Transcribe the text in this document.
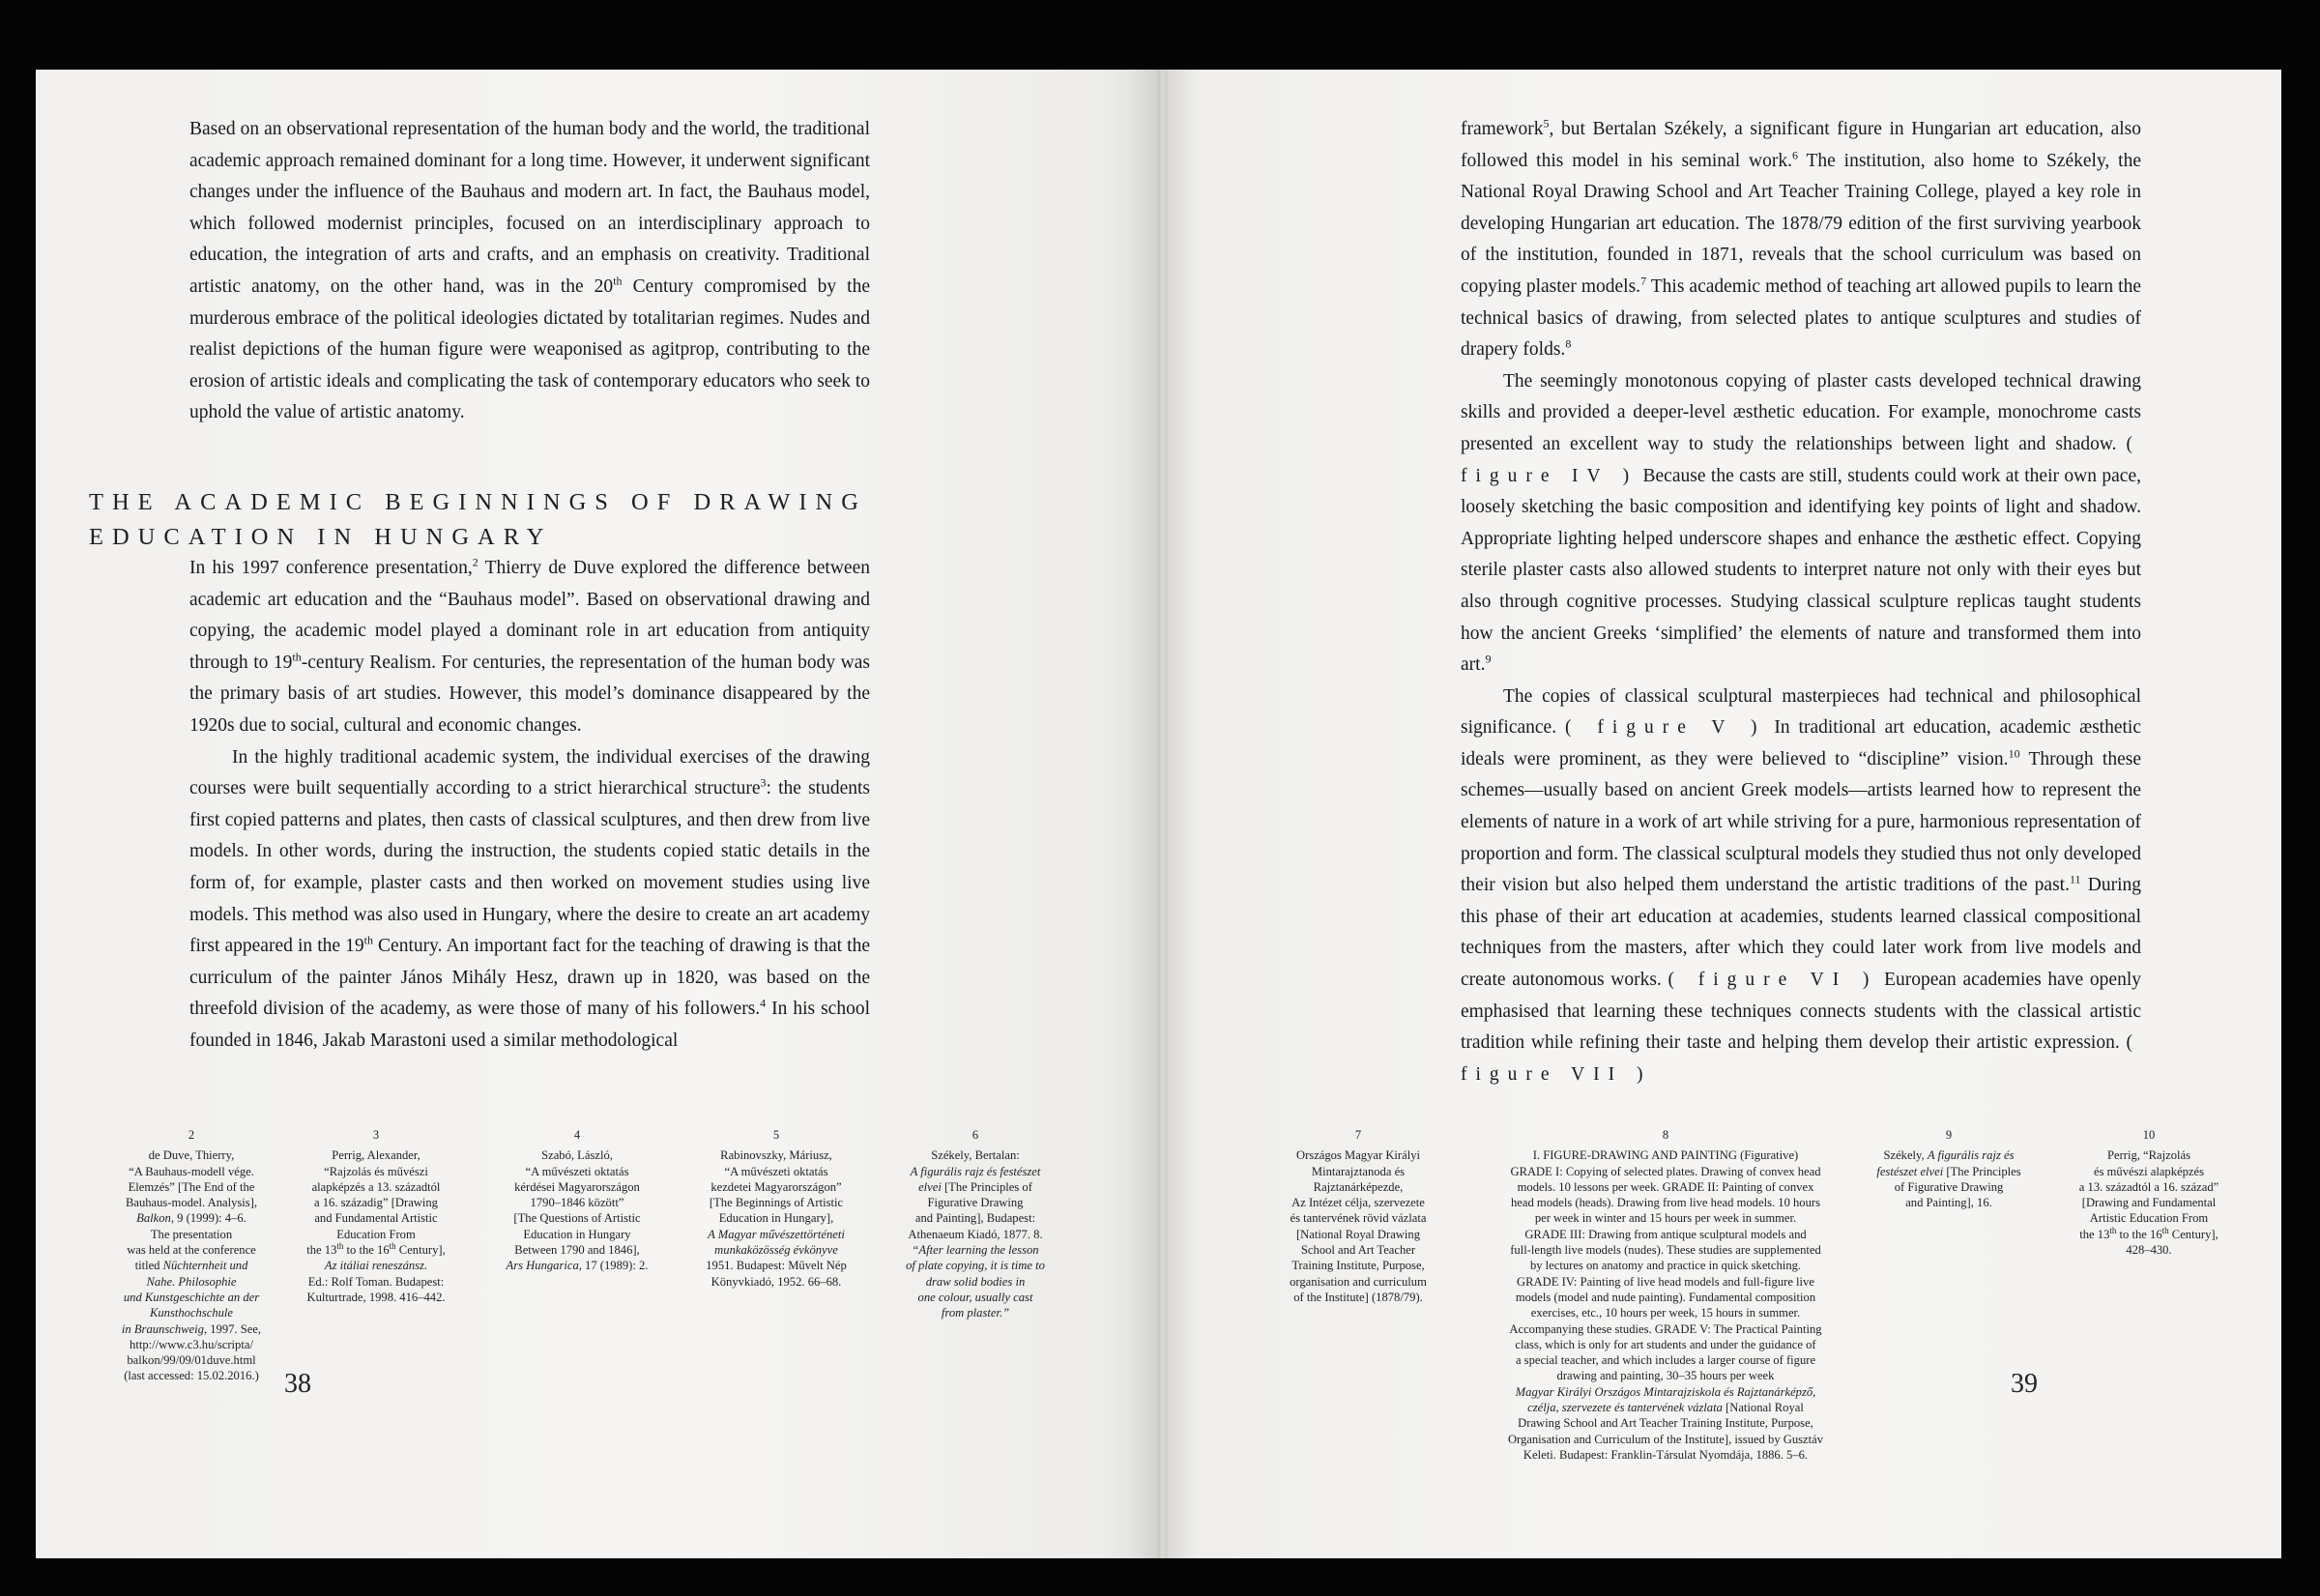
Based on an observational representation of the human body and the world, the traditional academic approach remained dominant for a long time. However, it underwent significant changes under the influence of the Bauhaus and modern art. In fact, the Bauhaus model, which followed modernist principles, focused on an interdisciplinary approach to education, the integration of arts and crafts, and an emphasis on creativity. Traditional artistic anatomy, on the other hand, was in the 20th Century compromised by the murderous embrace of the political ideologies dictated by totalitarian regimes. Nudes and realist depictions of the human figure were weaponised as agitprop, contributing to the erosion of artistic ideals and complicating the task of contemporary educators who seek to uphold the value of artistic anatomy.

THE ACADEMIC BEGINNINGS OF DRAWING
EDUCATION IN HUNGARY

In his 1997 conference presentation,$^2$ Thierry de Duve explored the difference between academic art education and the “Bauhaus model”. Based on observational drawing and copying, the academic model played a dominant role in art education from antiquity through to 19th-century Realism. For centuries, the representation of the human body was the primary basis of art studies. However, this model’s dominance disappeared by the 1920s due to social, cultural and economic changes.

In the highly traditional academic system, the individual exercises of the drawing courses were built sequentially according to a strict hierarchical structure$^3$: the students first copied patterns and plates, then casts of classical sculptures, and then drew from live models. In other words, during the instruction, the students copied static details in the form of, for example, plaster casts and then worked on movement studies using live models. This method was also used in Hungary, where the desire to create an art academy first appeared in the 19th Century. An important fact for the teaching of drawing is that the curriculum of the painter János Mihály Hesz, drawn up in 1820, was based on the threefold division of the academy, as were those of many of his followers.$^4$ In his school founded in 1846, Jakab Marastoni used a similar methodological

2
de Duve, Thierry,
“A Bauhaus-modell vége.
Elemzés” [The End of the
Bauhaus-model. Analysis],
Balkon, 9 (1999): 4–6.
The presentation
was held at the conference
titled Nüchternheit und
Nahe. Philosophie
und Kunstgeschichte an der
Kunsthochschule
in Braunschweig, 1997. See,
http://www.c3.hu/scripta/
balkon/99/09/01duve.html
(last accessed: 15.02.2016.)
3
Perrig, Alexander,
“Rajzolás és művészi
alapképzés a 13. századtól
a 16. századig” [Drawing
and Fundamental Artistic
Education From
the 13th to the 16th Century],
Az itáliai reneszánsz.
Ed.: Rolf Toman. Budapest:
Kulturtrade, 1998. 416–442.
4
Szabó, László,
“A művészeti oktatás
kérdései Magyarországon
1790–1846 között”
[The Questions of Artistic
Education in Hungary
Between 1790 and 1846],
Ars Hungarica, 17 (1989): 2.
5
Rabinovszky, Máriusz,
“A művészeti oktatás
kezdetei Magyarországon”
[The Beginnings of Artistic
Education in Hungary],
A Magyar művészettörténeti
munkaközösség évkönyve
1951. Budapest: Művelt Nép
Könyvkiadó, 1952. 66–68.
6
Székely, Bertalan:
A figurális rajz és festészet
elvei [The Principles of
Figurative Drawing
and Painting], Budapest:
Athenaeum Kiadó, 1877. 8.
“After learning the lesson
of plate copying, it is time to
draw solid bodies in
one colour, usually cast
from plaster.”
38

framework$^5$, but Bertalan Székely, a significant figure in Hungarian art education, also followed this model in his seminal work.$^6$ The institution, also home to Székely, the National Royal Drawing School and Art Teacher Training College, played a key role in developing Hungarian art education. The 1878/79 edition of the first surviving yearbook of the institution, founded in 1871, reveals that the school curriculum was based on copying plaster models.$^7$ This academic method of teaching art allowed pupils to learn the technical basics of drawing, from selected plates to antique sculptures and studies of drapery folds.$^8$

The seemingly monotonous copying of plaster casts developed technical drawing skills and provided a deeper-level æsthetic education. For example, monochrome casts presented an excellent way to study the relationships between light and shadow. ( figure IV ) Because the casts are still, students could work at their own pace, loosely sketching the basic composition and identifying key points of light and shadow. Appropriate lighting helped underscore shapes and enhance the æsthetic effect. Copying sterile plaster casts also allowed students to interpret nature not only with their eyes but also through cognitive processes. Studying classical sculpture replicas taught students how the ancient Greeks ‘simplified’ the elements of nature and transformed them into art.$^9$

The copies of classical sculptural masterpieces had technical and philosophical significance. ( figure V ) In traditional art education, academic æsthetic ideals were prominent, as they were believed to “discipline” vision.$^{10}$ Through these schemes—usually based on ancient Greek models—artists learned how to represent the elements of nature in a work of art while striving for a pure, harmonious representation of proportion and form. The classical sculptural models they studied thus not only developed their vision but also helped them understand the artistic traditions of the past.$^{11}$ During this phase of their art education at academies, students learned classical compositional techniques from the masters, after which they could later work from live models and create autonomous works. ( figure VI ) European academies have openly emphasised that learning these techniques connects students with the classical artistic tradition while refining their taste and helping them develop their artistic expression. ( figure VII )

7
Országos Magyar Királyi
Mintarajztanoda és
Rajztanárképezde,
Az Intézet célja, szervezete
és tantervének rövid vázlata
[National Royal Drawing
School and Art Teacher
Training Institute, Purpose,
organisation and curriculum
of the Institute] (1878/79).
8
I. FIGURE-DRAWING AND PAINTING (Figurative)
GRADE I: Copying of selected plates. Drawing of convex head
models. 10 lessons per week. GRADE II: Painting of convex
head models (heads). Drawing from live head models. 10 hours
per week in winter and 15 hours per week in summer.
GRADE III: Drawing from antique sculptural models and
full-length live models (nudes). These studies are supplemented
by lectures on anatomy and practice in quick sketching.
GRADE IV: Painting of live head models and full-figure live
models (model and nude painting). Fundamental composition
exercises, etc., 10 hours per week, 15 hours in summer.
Accompanying these studies. GRADE V: The Practical Painting
class, which is only for art students and under the guidance of
a special teacher, and which includes a larger course of figure
drawing and painting, 30–35 hours per week
Magyar Királyi Országos Mintarajziskola és Rajztanárképző,
czélja, szervezete és tantervének vázlata [National Royal
Drawing School and Art Teacher Training Institute, Purpose,
Organisation and Curriculum of the Institute], issued by Gusztáv
Keleti. Budapest: Franklin-Társulat Nyomdája, 1886. 5–6.
9
Székely, A figurális rajz és
festészet elvei [The Principles
of Figurative Drawing
and Painting], 16.
10
Perrig, “Rajzolás
és művészi alapképzés
a 13. századtól a 16. század”
[Drawing and Fundamental
Artistic Education From
the 13th to the 16th Century],
428–430.
39
